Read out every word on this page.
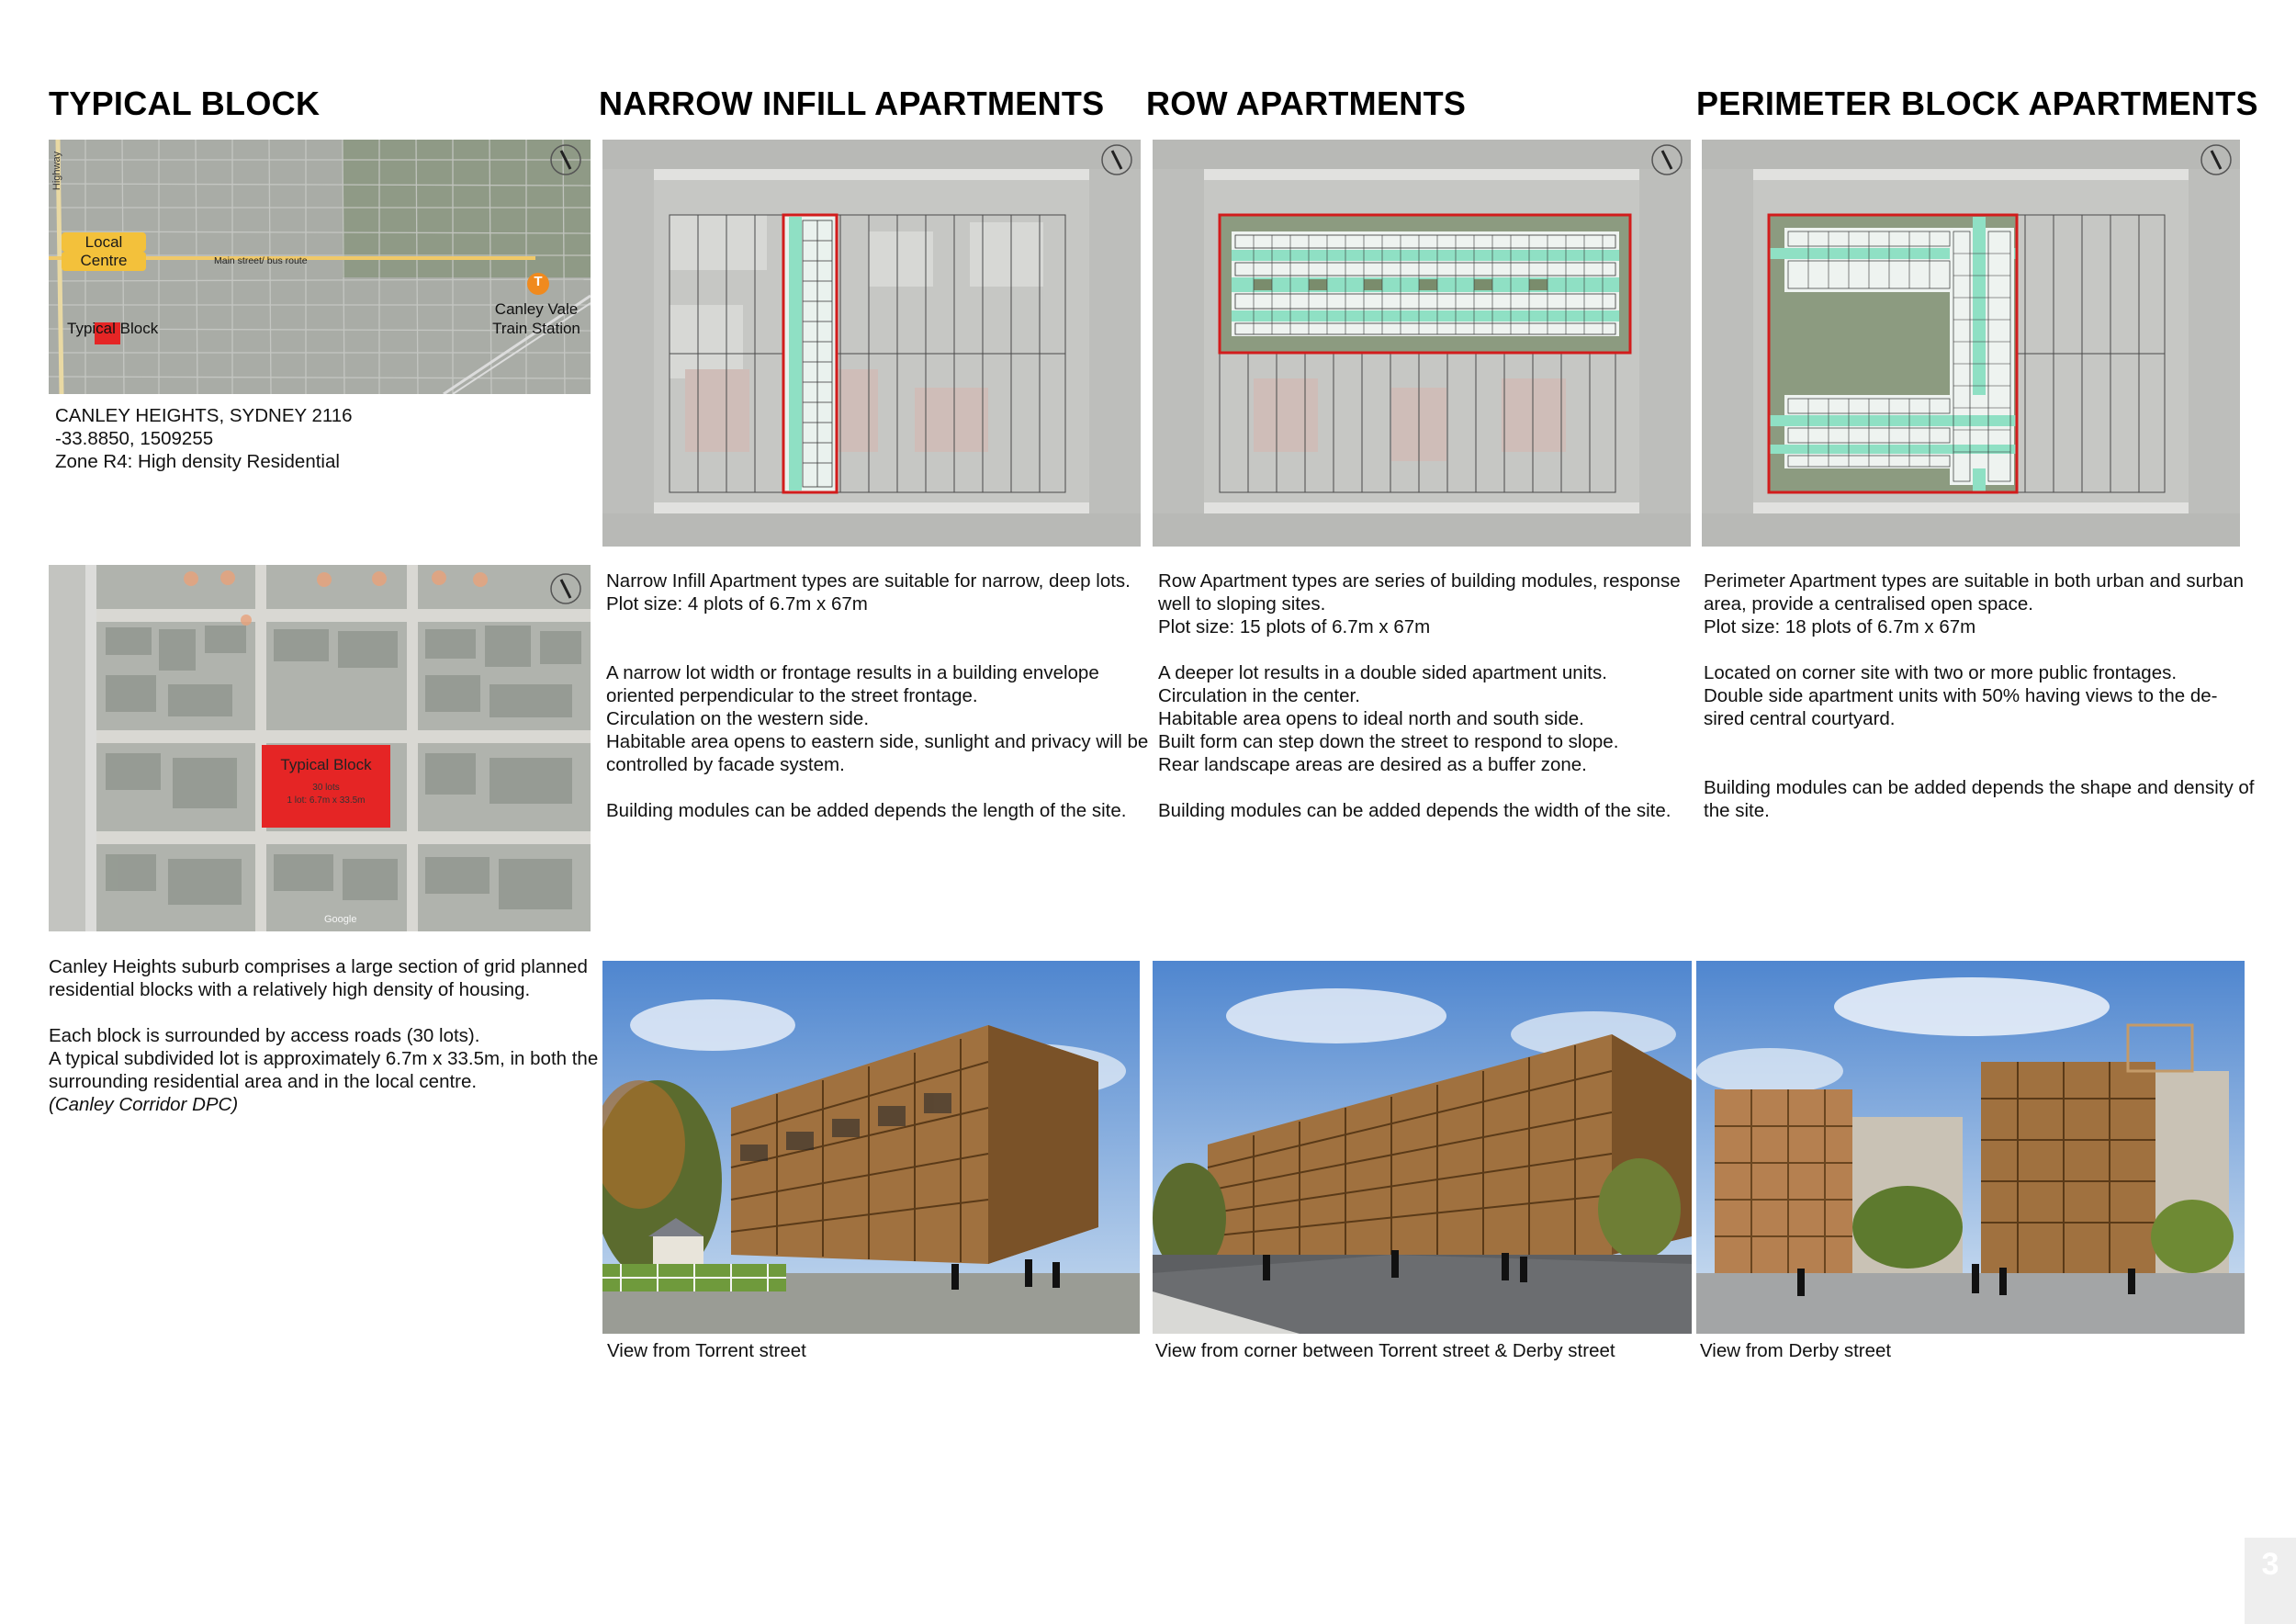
TYPICAL BLOCK	NARROW INFILL APARTMENTS ROW APARTMENTS	PERIMETER BLOCK APARTMENTS
Highway
Local
Centre	Main street/ bus route
Typical Block
T
Canley Vale
Train Station

CANLEY HEIGHTS, SYDNEY 2116

-33.8850, 1509255

Zone R4: High density Residential

Typical Block
30 lots
1 lot: 6.7m x 33.5m
Google

Canley Heights suburb comprises a large section of grid planned residential blocks with a relatively high density of housing.

Each block is surrounded by access roads (30 lots).

A typical subdivided lot is approximately 6.7m x 33.5m, in both the surrounding residential area and in the local centre.

(Canley Corridor DPC)

Narrow Infill Apartment types are suitable for narrow, deep lots.

Plot size: 4 plots of 6.7m x 67m

A narrow lot width or frontage results in a building envelope oriented perpendicular to the street frontage.

Circulation on the western side.

Habitable area opens to eastern side, sunlight and privacy will be controlled by facade system.

Building modules can be added depends the length of the site.

Row Apartment types are series of building modules, response well to sloping sites.

Plot size: 15 plots of 6.7m x 67m

A deeper lot results in a double sided apartment units.

Circulation in the center.

Habitable area opens to ideal north and south side.

Built form can step down the street to respond to slope.

Rear landscape areas are desired as a buffer zone.

Building modules can be added depends the width of the site.

Perimeter Apartment types are suitable in both urban and surban area, provide a centralised open space.

Plot size: 18 plots of 6.7m x 67m

Located on corner site with two or more public frontages.

Double side apartment units with 50% having views to the de-sired central courtyard.

Building modules can be added depends the shape and density of the site.

View from Torrent street	View from corner between Torrent street & Derby street	View from Derby street
3
